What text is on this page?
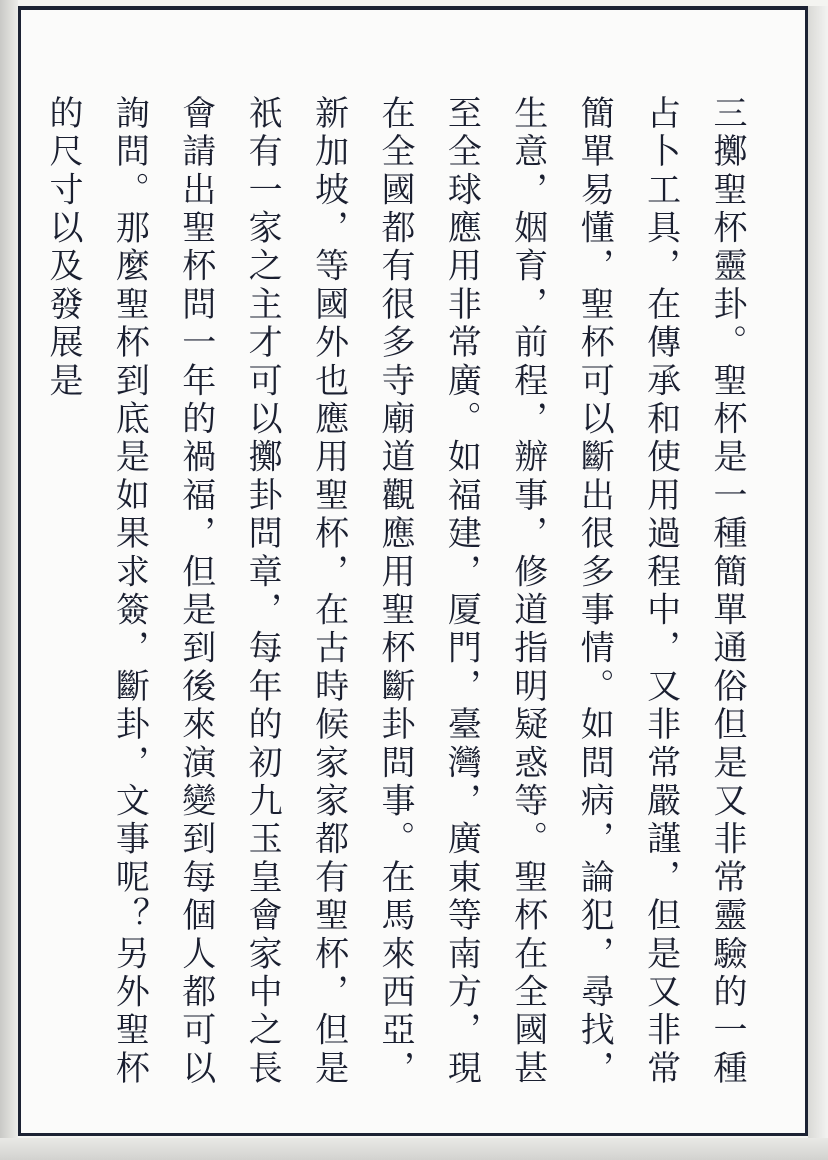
三擲聖杯靈卦。聖杯是一種簡單通俗但是又非常靈驗的一種占卜工具，在傳承和使用過程中，又非常嚴謹，但是又非常簡單易懂，聖杯可以斷出很多事情。如問病，論犯，尋找，生意，姻育，前程，辦事，修道指明疑惑等。聖杯在全國甚至全球應用非常廣。如福建，厦門，臺灣，廣東等南方，現在全國都有很多寺廟道觀應用聖杯斷卦問事。在馬來西亞，新加坡，等國外也應用聖杯，在古時候家家都有聖杯，但是祇有一家之主才可以擲卦問章，每年的初九玉皇會家中之長會請出聖杯問一年的禍福，但是到後來演變到每個人都可以詢問。那麼聖杯到底是如果求簽，斷卦，文事呢？另外聖杯的尺寸以及發展是
